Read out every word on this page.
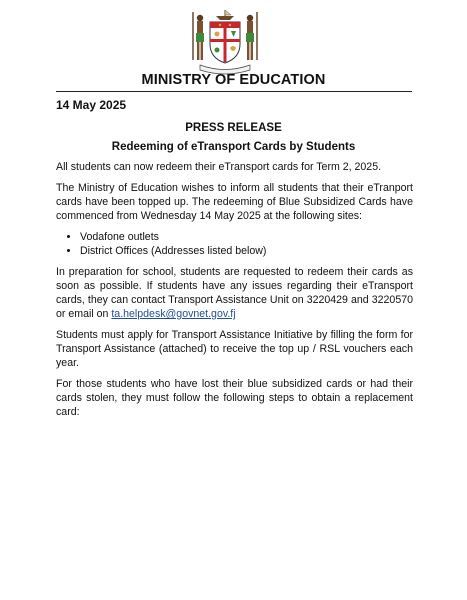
MINISTRY OF EDUCATION
14 May 2025
PRESS RELEASE
Redeeming of eTransport Cards by Students

All students can now redeem their eTransport cards for Term 2, 2025.

The Ministry of Education wishes to inform all students that their eTranport cards have been topped up. The redeeming of Blue Subsidized Cards have commenced from Wednesday 14 May 2025 at the following sites:

• Vodafone outlets
• District Offices (Addresses listed below)

In preparation for school, students are requested to redeem their cards as soon as possible. If students have any issues regarding their eTransport cards, they can contact Transport Assistance Unit on 3220429 and 3220570 or email on ta.helpdesk@govnet.gov.fj

Students must apply for Transport Assistance Initiative by filling the form for Transport Assistance (attached) to receive the top up / RSL vouchers each year.

For those students who have lost their blue subsidized cards or had their cards stolen, they must follow the following steps to obtain a replacement card:
